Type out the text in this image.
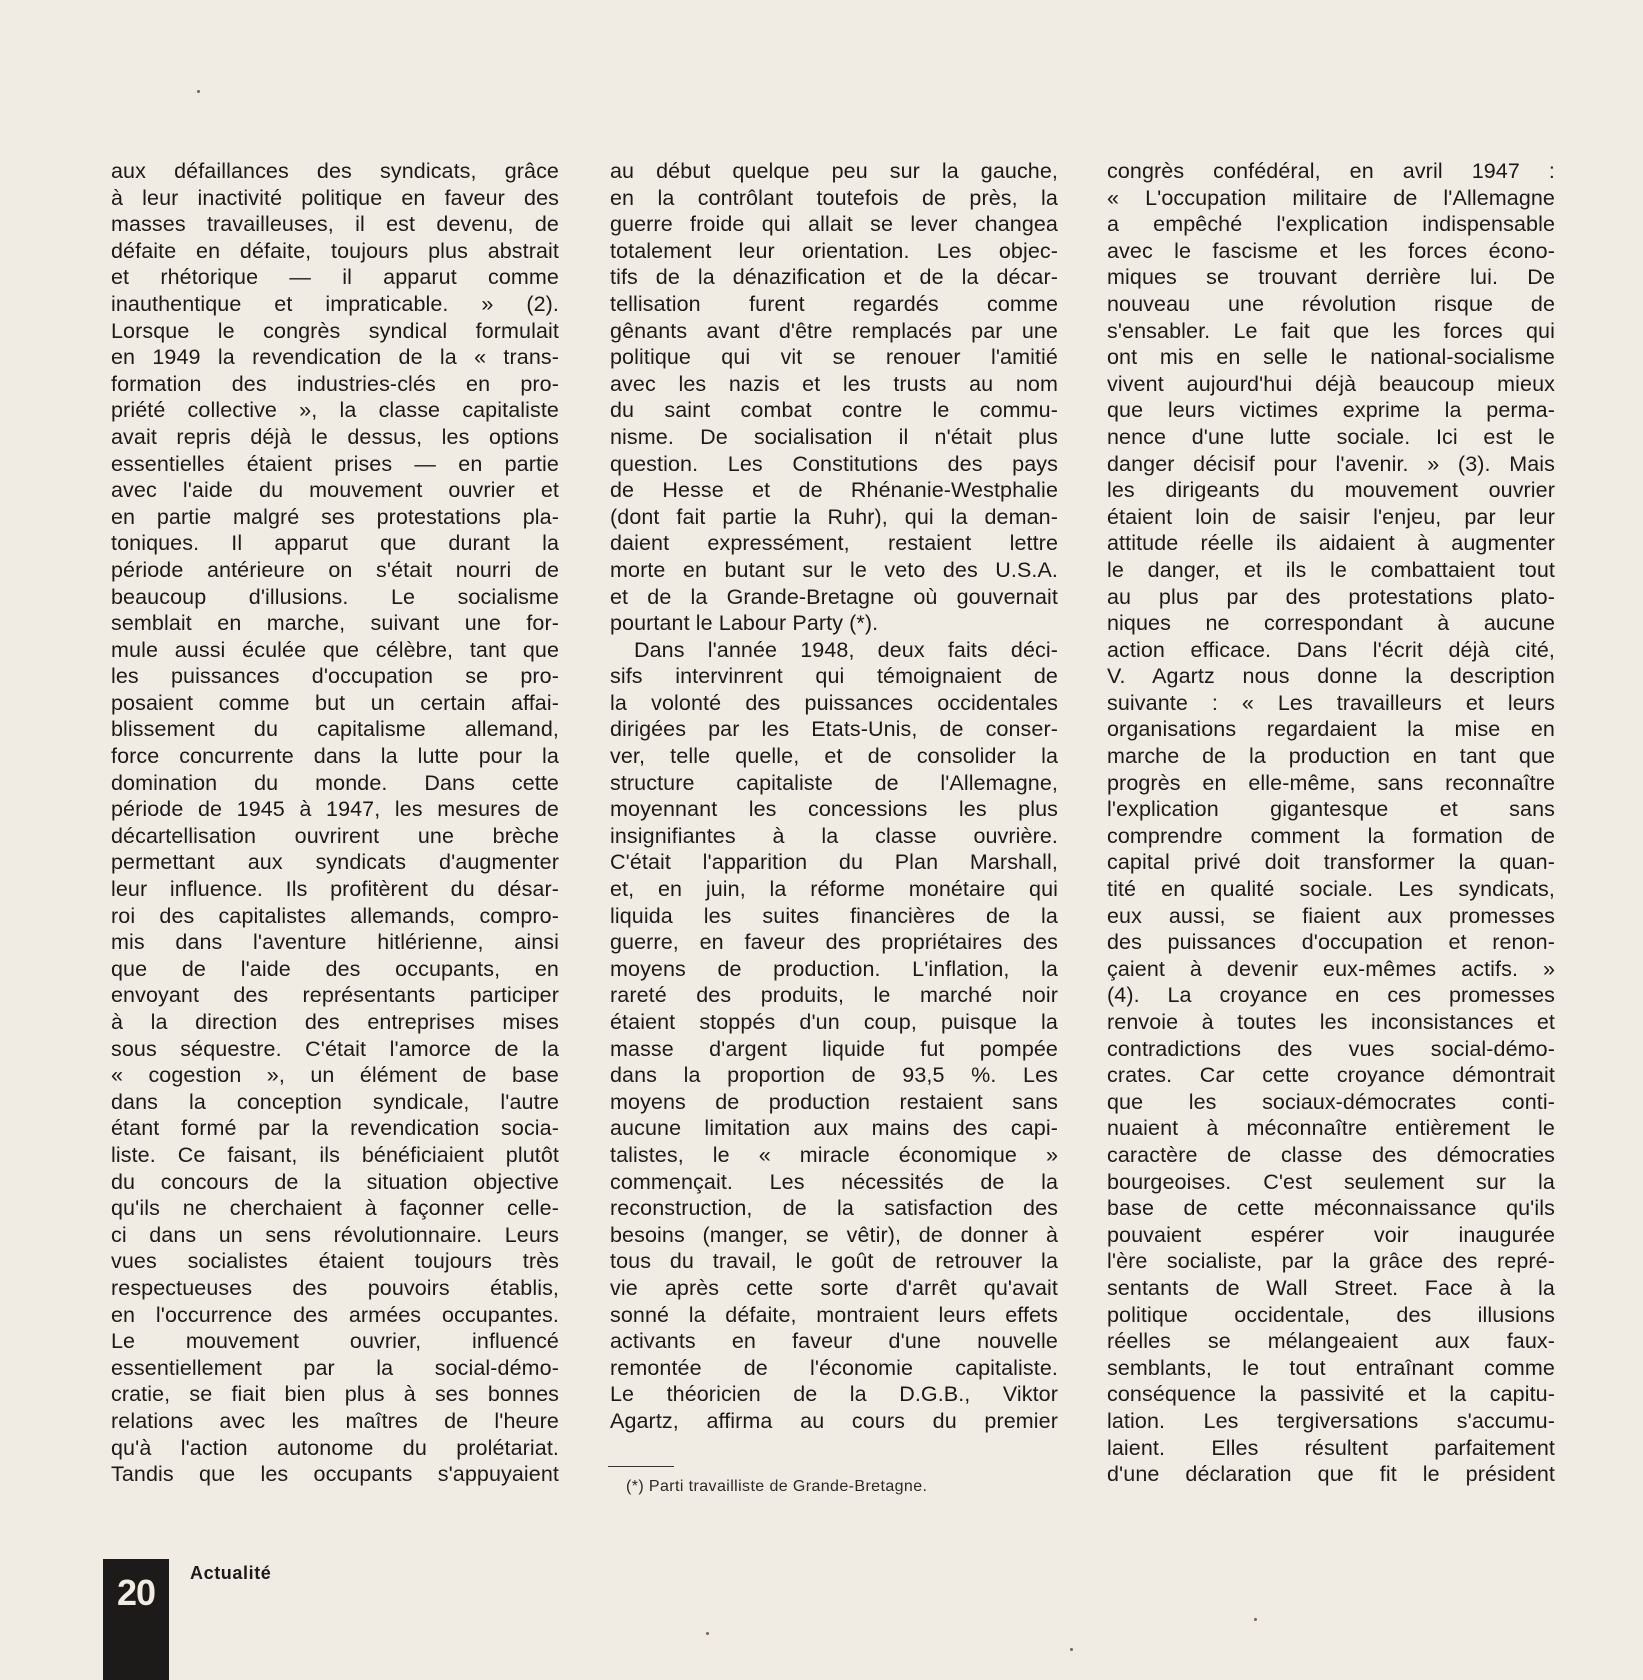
aux défaillances des syndicats, grâce
à leur inactivité politique en faveur des
masses travailleuses, il est devenu, de
défaite en défaite, toujours plus abstrait
et rhétorique — il apparut comme
inauthentique et impraticable. » (2).
Lorsque le congrès syndical formulait
en 1949 la revendication de la « trans-
formation des industries-clés en pro-
priété collective », la classe capitaliste
avait repris déjà le dessus, les options
essentielles étaient prises — en partie
avec l'aide du mouvement ouvrier et
en partie malgré ses protestations pla-
toniques. Il apparut que durant la
période antérieure on s'était nourri de
beaucoup d'illusions. Le socialisme
semblait en marche, suivant une for-
mule aussi éculée que célèbre, tant que
les puissances d'occupation se pro-
posaient comme but un certain affai-
blissement du capitalisme allemand,
force concurrente dans la lutte pour la
domination du monde. Dans cette
période de 1945 à 1947, les mesures de
décartellisation ouvrirent une brèche
permettant aux syndicats d'augmenter
leur influence. Ils profitèrent du désar-
roi des capitalistes allemands, compro-
mis dans l'aventure hitlérienne, ainsi
que de l'aide des occupants, en
envoyant des représentants participer
à la direction des entreprises mises
sous séquestre. C'était l'amorce de la
« cogestion », un élément de base
dans la conception syndicale, l'autre
étant formé par la revendication socia-
liste. Ce faisant, ils bénéficiaient plutôt
du concours de la situation objective
qu'ils ne cherchaient à façonner celle-
ci dans un sens révolutionnaire. Leurs
vues socialistes étaient toujours très
respectueuses des pouvoirs établis,
en l'occurrence des armées occupantes.
Le mouvement ouvrier, influencé
essentiellement par la social-démo-
cratie, se fiait bien plus à ses bonnes
relations avec les maîtres de l'heure
qu'à l'action autonome du prolétariat.
Tandis que les occupants s'appuyaient
au début quelque peu sur la gauche,
en la contrôlant toutefois de près, la
guerre froide qui allait se lever changea
totalement leur orientation. Les objec-
tifs de la dénazification et de la décar-
tellisation furent regardés comme
gênants avant d'être remplacés par une
politique qui vit se renouer l'amitié
avec les nazis et les trusts au nom
du saint combat contre le commu-
nisme. De socialisation il n'était plus
question. Les Constitutions des pays
de Hesse et de Rhénanie-Westphalie
(dont fait partie la Ruhr), qui la deman-
daient expressément, restaient lettre
morte en butant sur le veto des U.S.A.
et de la Grande-Bretagne où gouvernait
pourtant le Labour Party (*).
Dans l'année 1948, deux faits déci-
sifs intervinrent qui témoignaient de
la volonté des puissances occidentales
dirigées par les Etats-Unis, de conser-
ver, telle quelle, et de consolider la
structure capitaliste de l'Allemagne,
moyennant les concessions les plus
insignifiantes à la classe ouvrière.
C'était l'apparition du Plan Marshall,
et, en juin, la réforme monétaire qui
liquida les suites financières de la
guerre, en faveur des propriétaires des
moyens de production. L'inflation, la
rareté des produits, le marché noir
étaient stoppés d'un coup, puisque la
masse d'argent liquide fut pompée
dans la proportion de 93,5 %. Les
moyens de production restaient sans
aucune limitation aux mains des capi-
talistes, le « miracle économique »
commençait. Les nécessités de la
reconstruction, de la satisfaction des
besoins (manger, se vêtir), de donner à
tous du travail, le goût de retrouver la
vie après cette sorte d'arrêt qu'avait
sonné la défaite, montraient leurs effets
activants en faveur d'une nouvelle
remontée de l'économie capitaliste.
Le théoricien de la D.G.B., Viktor
Agartz, affirma au cours du premier
congrès confédéral, en avril 1947 :
« L'occupation militaire de l'Allemagne
a empêché l'explication indispensable
avec le fascisme et les forces écono-
miques se trouvant derrière lui. De
nouveau une révolution risque de
s'ensabler. Le fait que les forces qui
ont mis en selle le national-socialisme
vivent aujourd'hui déjà beaucoup mieux
que leurs victimes exprime la perma-
nence d'une lutte sociale. Ici est le
danger décisif pour l'avenir. » (3). Mais
les dirigeants du mouvement ouvrier
étaient loin de saisir l'enjeu, par leur
attitude réelle ils aidaient à augmenter
le danger, et ils le combattaient tout
au plus par des protestations plato-
niques ne correspondant à aucune
action efficace. Dans l'écrit déjà cité,
V. Agartz nous donne la description
suivante : « Les travailleurs et leurs
organisations regardaient la mise en
marche de la production en tant que
progrès en elle-même, sans reconnaître
l'explication gigantesque et sans
comprendre comment la formation de
capital privé doit transformer la quan-
tité en qualité sociale. Les syndicats,
eux aussi, se fiaient aux promesses
des puissances d'occupation et renon-
çaient à devenir eux-mêmes actifs. »
(4). La croyance en ces promesses
renvoie à toutes les inconsistances et
contradictions des vues social-démo-
crates. Car cette croyance démontrait
que les sociaux-démocrates conti-
nuaient à méconnaître entièrement le
caractère de classe des démocraties
bourgeoises. C'est seulement sur la
base de cette méconnaissance qu'ils
pouvaient espérer voir inaugurée
l'ère socialiste, par la grâce des repré-
sentants de Wall Street. Face à la
politique occidentale, des illusions
réelles se mélangeaient aux faux-
semblants, le tout entraînant comme
conséquence la passivité et la capitu-
lation. Les tergiversations s'accumu-
laient. Elles résultent parfaitement
d'une déclaration que fit le président
(*) Parti travailliste de Grande-Bretagne.
20	Actualité
